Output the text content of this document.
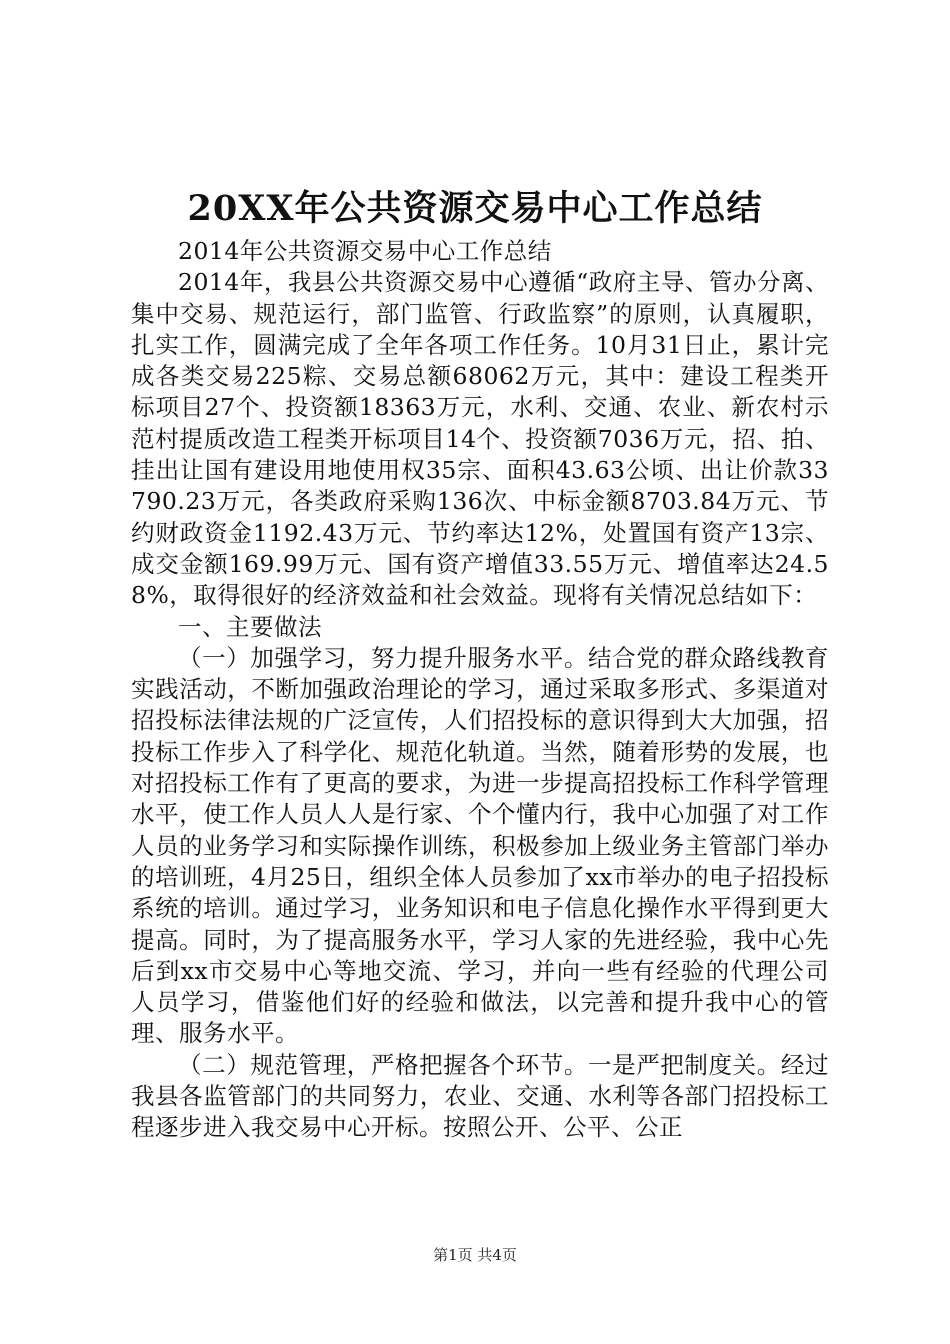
20XX年公共资源交易中心工作总结

2014年公共资源交易中心工作总结

2014年，我县公共资源交易中心遵循“政府主导、管办分离、集中交易、规范运行，部门监管、行政监察”的原则，认真履职，扎实工作，圆满完成了全年各项工作任务。10月31日止，累计完成各类交易225粽、交易总额68062万元，其中：建设工程类开标项目27个、投资额18363万元，水利、交通、农业、新农村示范村提质改造工程类开标项目14个、投资额7036万元，招、拍、挂出让国有建设用地使用权35宗、面积43.63公顷、出让价款33790.23万元，各类政府采购136次、中标金额8703.84万元、节约财政资金1192.43万元、节约率达12%，处置国有资产13宗、成交金额169.99万元、国有资产增值33.55万元、增值率达24.58%，取得很好的经济效益和社会效益。现将有关情况总结如下：

一、主要做法

（一）加强学习，努力提升服务水平。结合党的群众路线教育实践活动，不断加强政治理论的学习，通过采取多形式、多渠道对招投标法律法规的广泛宣传，人们招投标的意识得到大大加强，招投标工作步入了科学化、规范化轨道。当然，随着形势的发展，也对招投标工作有了更高的要求，为进一步提高招投标工作科学管理水平，使工作人员人人是行家、个个懂内行，我中心加强了对工作人员的业务学习和实际操作训练，积极参加上级业务主管部门举办的培训班，4月25日，组织全体人员参加了xx市举办的电子招投标系统的培训。通过学习，业务知识和电子信息化操作水平得到更大提高。同时，为了提高服务水平，学习人家的先进经验，我中心先后到xx市交易中心等地交流、学习，并向一些有经验的代理公司人员学习，借鉴他们好的经验和做法，以完善和提升我中心的管理、服务水平。

（二）规范管理，严格把握各个环节。一是严把制度关。经过我县各监管部门的共同努力，农业、交通、水利等各部门招投标工程逐步进入我交易中心开标。按照公开、公平、公正

第1页 共4页
